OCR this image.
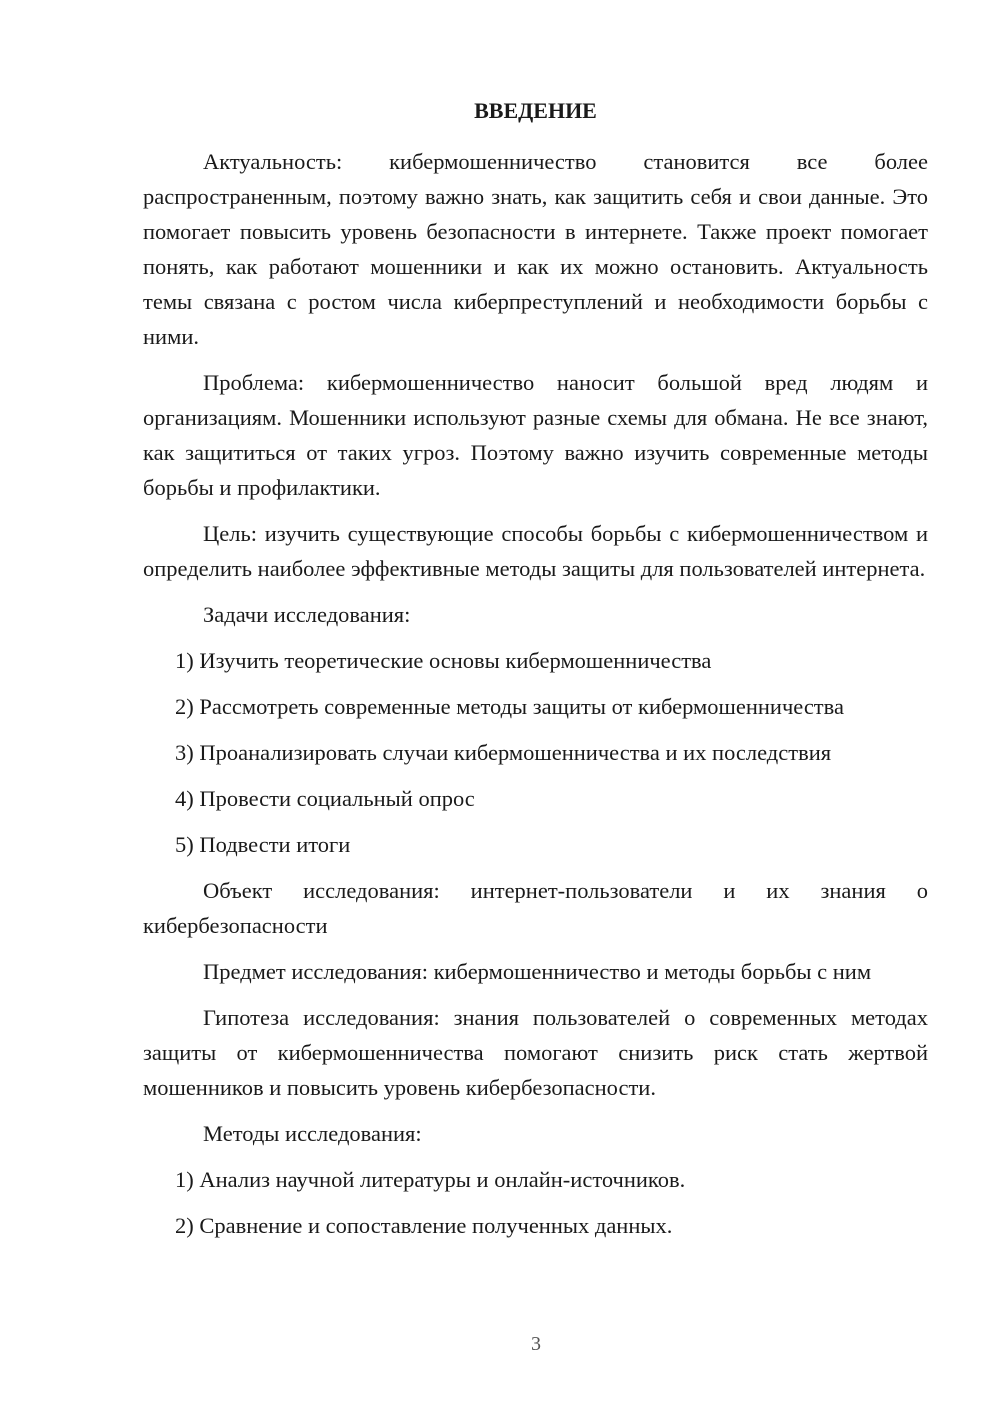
ВВЕДЕНИЕ

Актуальность: кибермошенничество становится все более распространенным, поэтому важно знать, как защитить себя и свои данные. Это помогает повысить уровень безопасности в интернете. Также проект помогает понять, как работают мошенники и как их можно остановить. Актуальность темы связана с ростом числа киберпреступлений и необходимости борьбы с ними.

Проблема: кибермошенничество наносит большой вред людям и организациям. Мошенники используют разные схемы для обмана. Не все знают, как защититься от таких угроз. Поэтому важно изучить современные методы борьбы и профилактики.

Цель: изучить существующие способы борьбы с кибермошенничеством и определить наиболее эффективные методы защиты для пользователей интернета.

Задачи исследования:

1) Изучить теоретические основы кибермошенничества

2) Рассмотреть современные методы защиты от кибермошенничества

3) Проанализировать случаи кибермошенничества и их последствия

4) Провести социальный опрос

5) Подвести итоги

Объект исследования: интернет-пользователи и их знания о кибербезопасности

Предмет исследования: кибермошенничество и методы борьбы с ним

Гипотеза исследования: знания пользователей о современных методах защиты от кибермошенничества помогают снизить риск стать жертвой мошенников и повысить уровень кибербезопасности.

Методы исследования:

1) Анализ научной литературы и онлайн-источников.

2) Сравнение и сопоставление полученных данных.

3
